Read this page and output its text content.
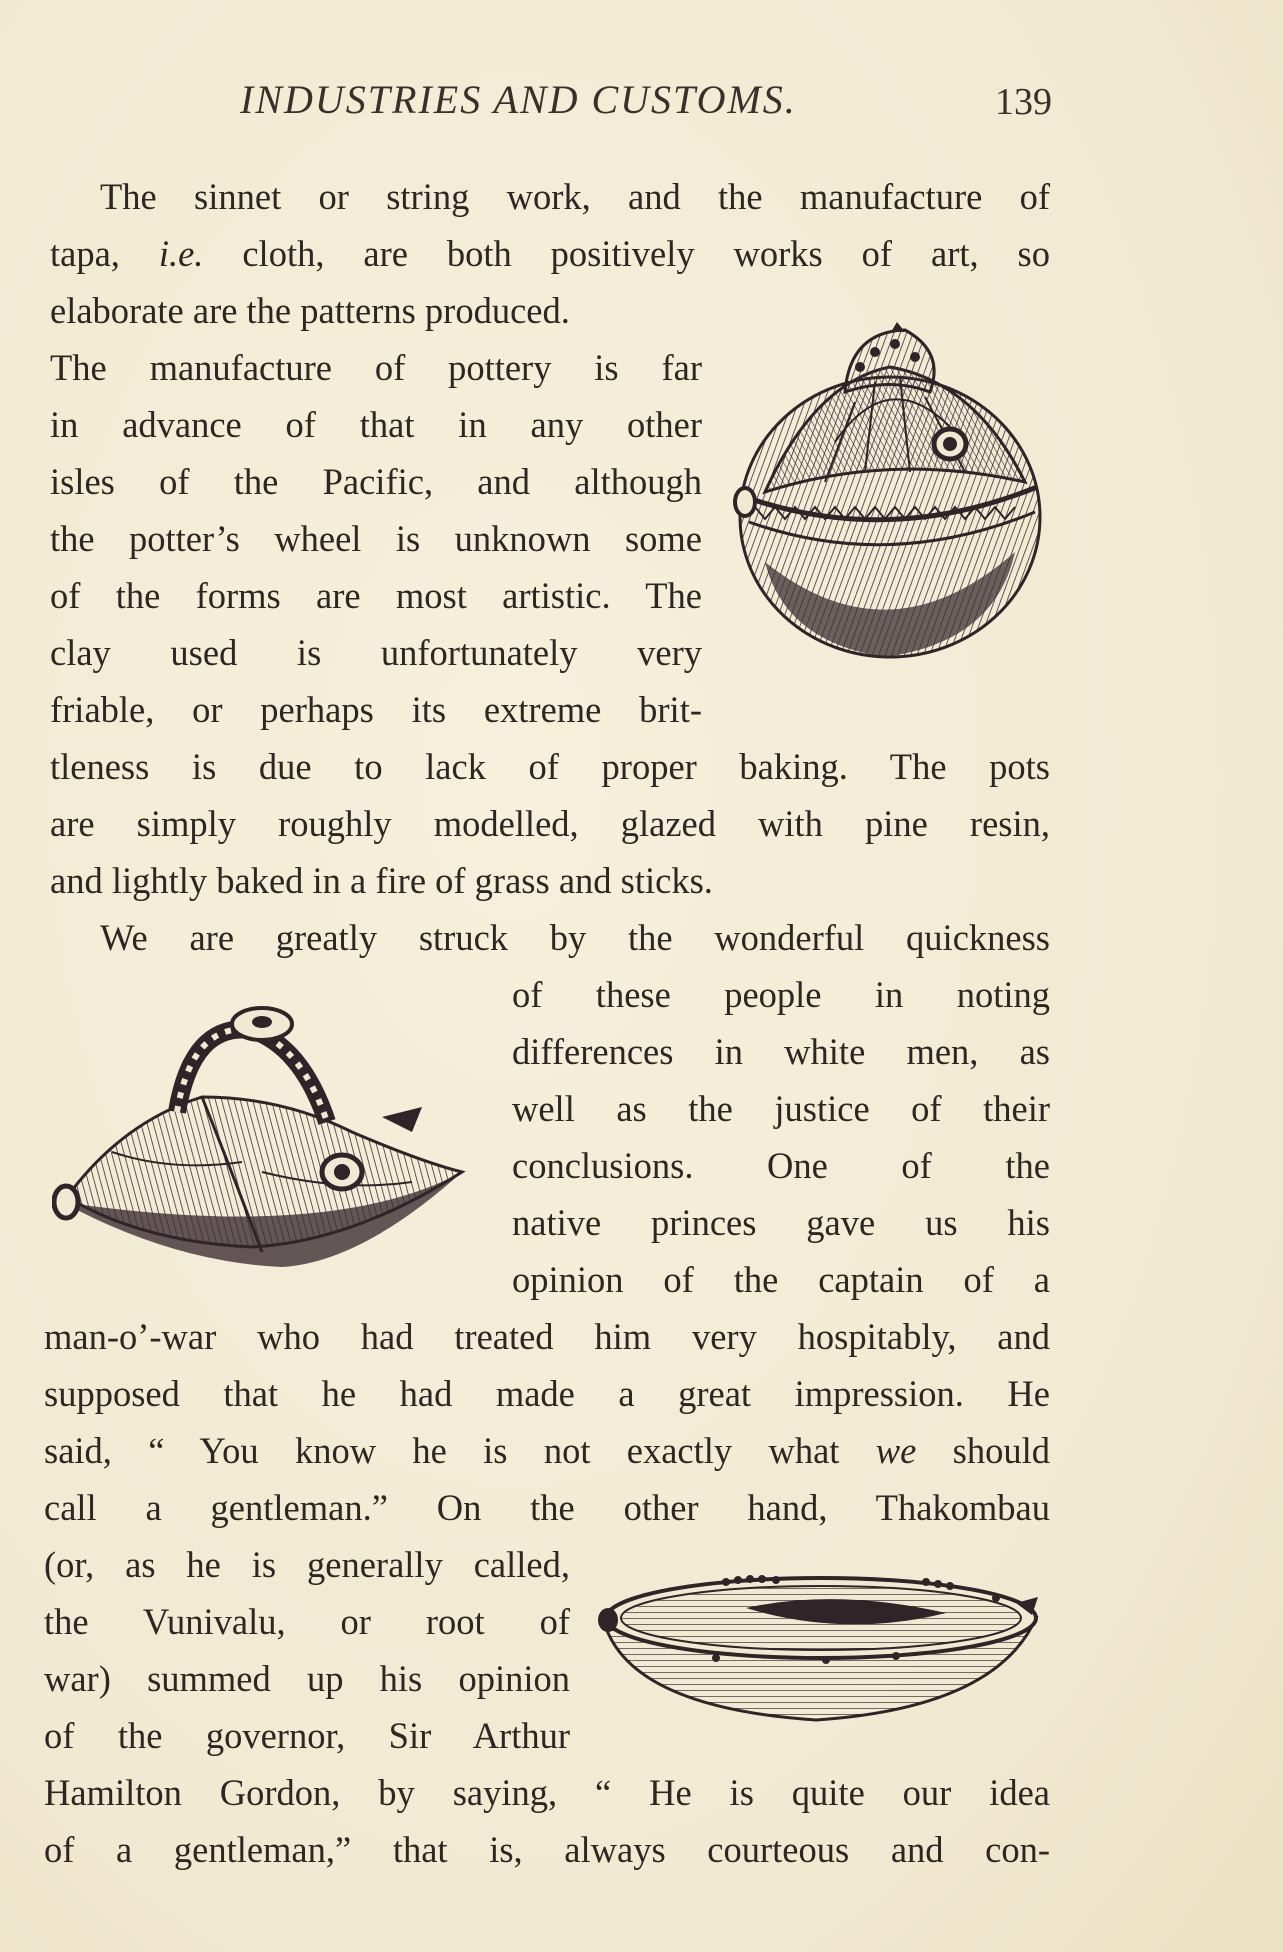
INDUSTRIES AND CUSTOMS.	139
The sinnet or string work, and the manufacture of
tapa, i.e. cloth, are both positively works of art, so
elaborate are the patterns produced.
The manufacture of pottery is far
in advance of that in any other
isles of the Pacific, and although
the potter’s wheel is unknown some
of the forms are most artistic. The
clay used is unfortunately very
friable, or perhaps its extreme brit-
tleness is due to lack of proper baking. The pots
are simply roughly modelled, glazed with pine resin,
and lightly baked in a fire of grass and sticks.
We are greatly struck by the wonderful quickness
of these people in noting
differences in white men, as
well as the justice of their
conclusions. One of the
native princes gave us his
opinion of the captain of a
man-o’-war who had treated him very hospitably, and
supposed that he had made a great impression. He
said, “ You know he is not exactly what we should
call a gentleman.” On the other hand, Thakombau
(or, as he is generally called,
the Vunivalu, or root of
war) summed up his opinion
of the governor, Sir Arthur
Hamilton Gordon, by saying, “ He is quite our idea
of a gentleman,” that is, always courteous and con-
